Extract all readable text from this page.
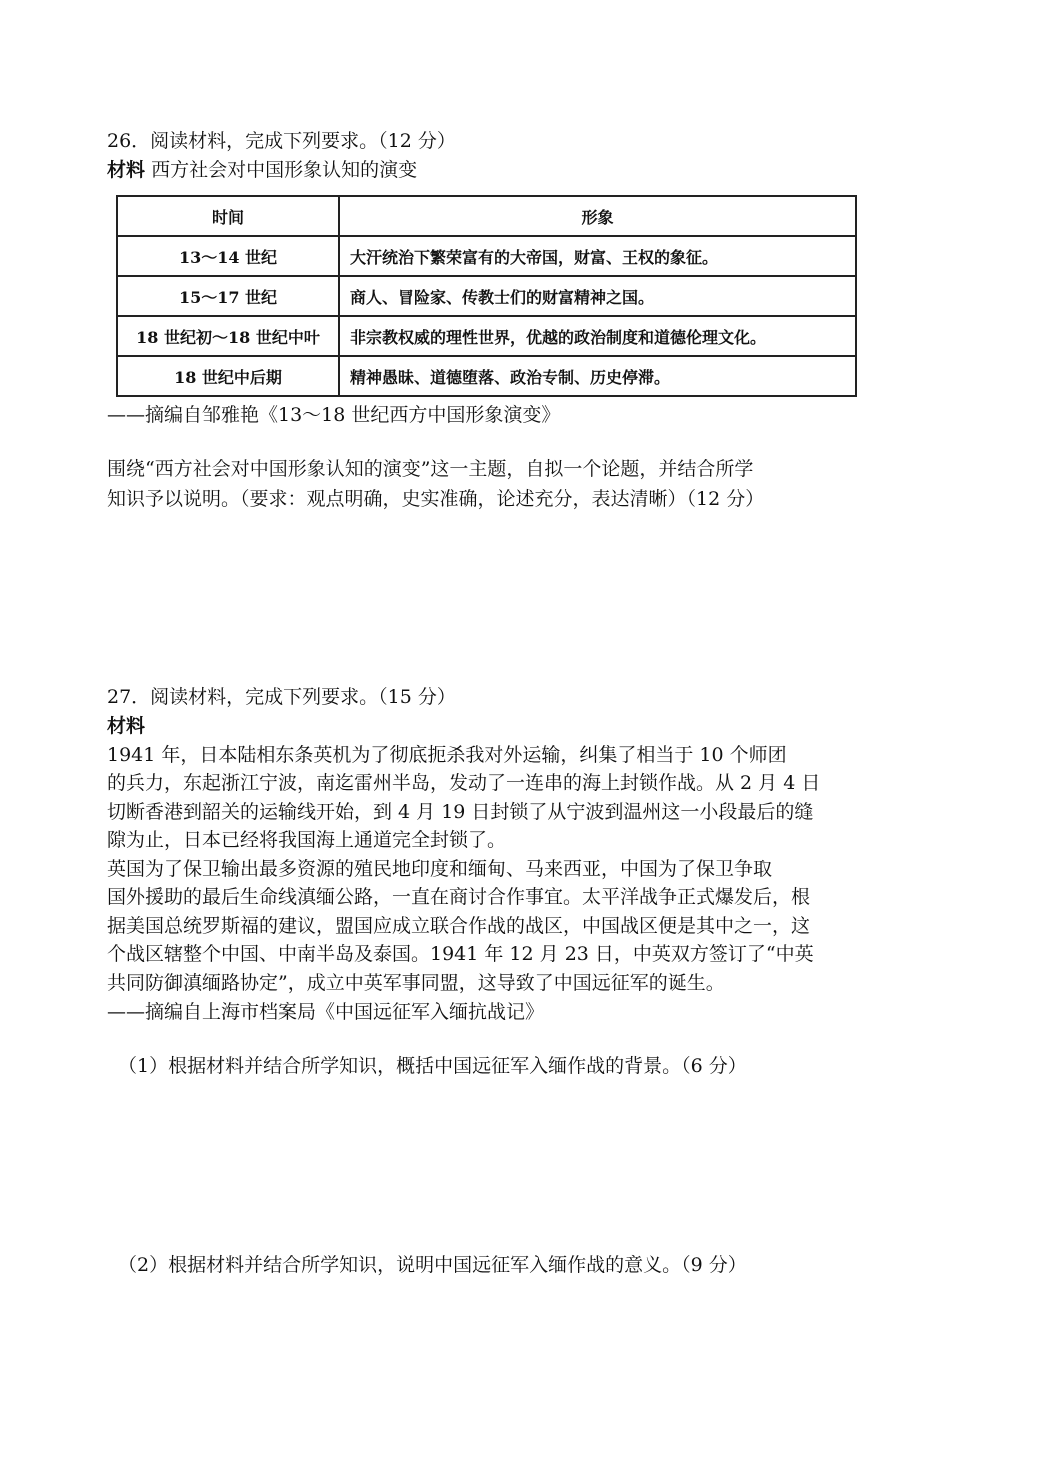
26．阅读材料，完成下列要求。（12 分）
材料 西方社会对中国形象认知的演变
时间	形象
13～14 世纪	大汗统治下繁荣富有的大帝国，财富、王权的象征。
15～17 世纪	商人、冒险家、传教士们的财富精神之国。
18 世纪初～18 世纪中叶	非宗教权威的理性世界，优越的政治制度和道德伦理文化。
18 世纪中后期	精神愚昧、道德堕落、政治专制、历史停滞。
——摘编自邹雅艳《13～18 世纪西方中国形象演变》
围绕“西方社会对中国形象认知的演变”这一主题，自拟一个论题，并结合所学
知识予以说明。（要求：观点明确，史实准确，论述充分，表达清晰）（12 分）
27．阅读材料，完成下列要求。（15 分）
材料
1941 年，日本陆相东条英机为了彻底扼杀我对外运输，纠集了相当于 10 个师团
的兵力，东起浙江宁波，南迄雷州半岛，发动了一连串的海上封锁作战。从 2 月 4 日
切断香港到韶关的运输线开始，到 4 月 19 日封锁了从宁波到温州这一小段最后的缝
隙为止，日本已经将我国海上通道完全封锁了。
英国为了保卫输出最多资源的殖民地印度和缅甸、马来西亚，中国为了保卫争取
国外援助的最后生命线滇缅公路，一直在商讨合作事宜。太平洋战争正式爆发后，根
据美国总统罗斯福的建议，盟国应成立联合作战的战区，中国战区便是其中之一，这
个战区辖整个中国、中南半岛及泰国。1941 年 12 月 23 日，中英双方签订了“中英
共同防御滇缅路协定”，成立中英军事同盟，这导致了中国远征军的诞生。
——摘编自上海市档案局《中国远征军入缅抗战记》
（1）根据材料并结合所学知识，概括中国远征军入缅作战的背景。（6 分）
（2）根据材料并结合所学知识，说明中国远征军入缅作战的意义。（9 分）
